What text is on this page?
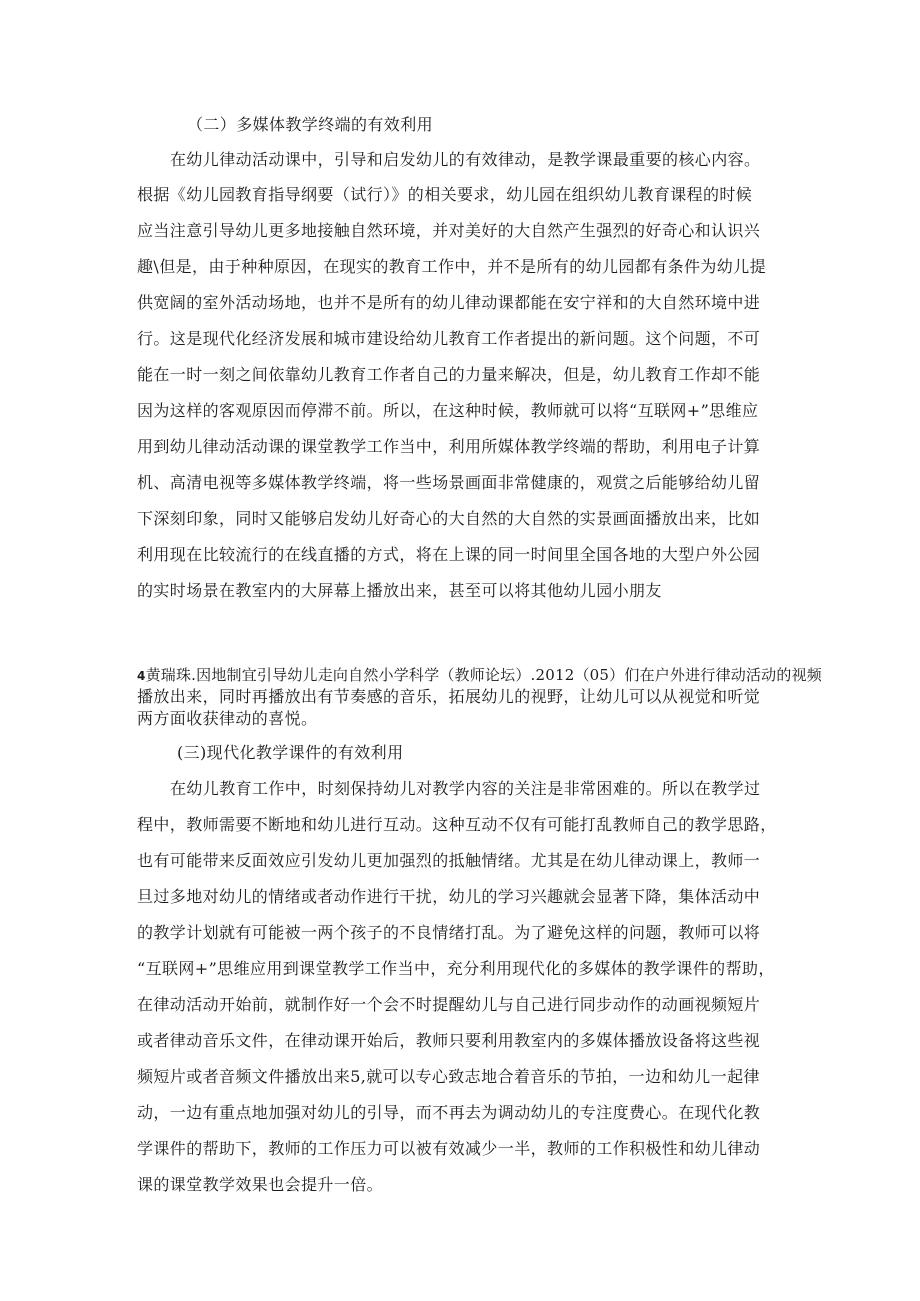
（二）多媒体教学终端的有效利用
在幼儿律动活动课中，引导和启发幼儿的有效律动，是教学课最重要的核心内容。
根据《幼儿园教育指导纲要（试行）》的相关要求，幼儿园在组织幼儿教育课程的时候
应当注意引导幼儿更多地接触自然环境，并对美好的大自然产生强烈的好奇心和认识兴
趣\但是，由于种种原因，在现实的教育工作中，并不是所有的幼儿园都有条件为幼儿提
供宽阔的室外活动场地，也并不是所有的幼儿律动课都能在安宁祥和的大自然环境中进
行。这是现代化经济发展和城市建设给幼儿教育工作者提出的新问题。这个问题，不可
能在一时一刻之间依靠幼儿教育工作者自己的力量来解决，但是，幼儿教育工作却不能
因为这样的客观原因而停滞不前。所以，在这种时候，教师就可以将“互联网+”思维应
用到幼儿律动活动课的课堂教学工作当中，利用所媒体教学终端的帮助，利用电子计算
机、高清电视等多媒体教学终端，将一些场景画面非常健康的，观赏之后能够给幼儿留
下深刻印象，同时又能够启发幼儿好奇心的大自然的大自然的实景画面播放出来，比如
利用现在比较流行的在线直播的方式，将在上课的同一时间里全国各地的大型户外公园
的实时场景在教室内的大屏幕上播放出来，甚至可以将其他幼儿园小朋友
4黄瑞珠.因地制宜引导幼儿走向自然小学科学（教师论坛）.2012（05）们在户外进行律动活动的视频
播放出来，同时再播放出有节奏感的音乐，拓展幼儿的视野，让幼儿可以从视觉和听觉
两方面收获律动的喜悦。
(三)现代化教学课件的有效利用
在幼儿教育工作中，时刻保持幼儿对教学内容的关注是非常困难的。所以在教学过
程中，教师需要不断地和幼儿进行互动。这种互动不仅有可能打乱教师自己的教学思路，
也有可能带来反面效应引发幼儿更加强烈的抵触情绪。尤其是在幼儿律动课上，教师一
旦过多地对幼儿的情绪或者动作进行干扰，幼儿的学习兴趣就会显著下降，集体活动中
的教学计划就有可能被一两个孩子的不良情绪打乱。为了避免这样的问题，教师可以将
“互联网+”思维应用到课堂教学工作当中，充分利用现代化的多媒体的教学课件的帮助，
在律动活动开始前，就制作好一个会不时提醒幼儿与自己进行同步动作的动画视频短片
或者律动音乐文件，在律动课开始后，教师只要利用教室内的多媒体播放设备将这些视
频短片或者音频文件播放出来5,就可以专心致志地合着音乐的节拍，一边和幼儿一起律
动，一边有重点地加强对幼儿的引导，而不再去为调动幼儿的专注度费心。在现代化教
学课件的帮助下，教师的工作压力可以被有效减少一半，教师的工作积极性和幼儿律动
课的课堂教学效果也会提升一倍。
